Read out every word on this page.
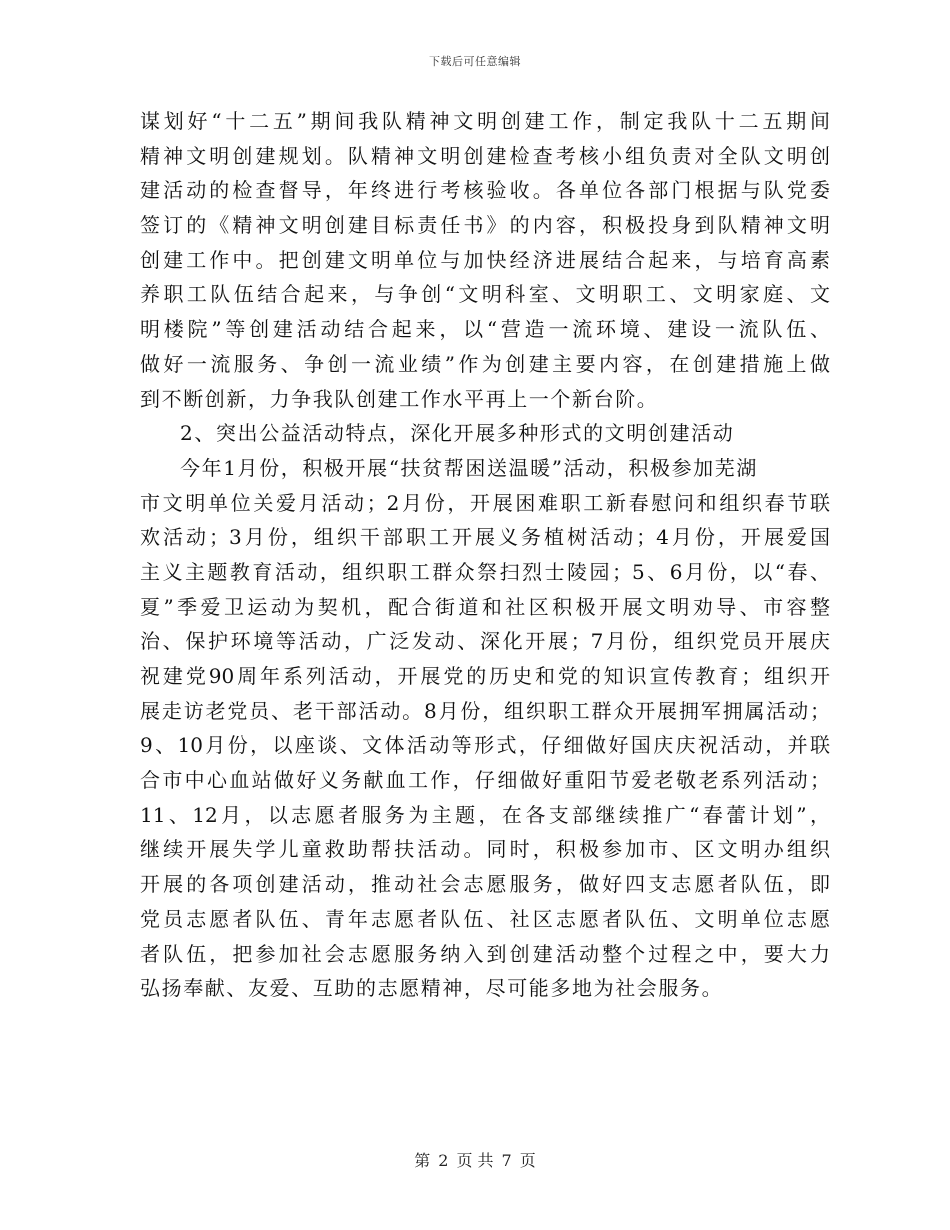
下载后可任意编辑
谋划好“十二五”期间我队精神文明创建工作，制定我队十二五期间
精神文明创建规划。队精神文明创建检查考核小组负责对全队文明创
建活动的检查督导，年终进行考核验收。各单位各部门根据与队党委
签订的《精神文明创建目标责任书》的内容，积极投身到队精神文明
创建工作中。把创建文明单位与加快经济进展结合起来，与培育高素
养职工队伍结合起来，与争创“文明科室、文明职工、文明家庭、文
明楼院”等创建活动结合起来，以“营造一流环境、建设一流队伍、
做好一流服务、争创一流业绩”作为创建主要内容，在创建措施上做
到不断创新，力争我队创建工作水平再上一个新台阶。
2、突出公益活动特点，深化开展多种形式的文明创建活动
今年1月份，积极开展“扶贫帮困送温暖”活动，积极参加芜湖
市文明单位关爱月活动；2月份，开展困难职工新春慰问和组织春节联
欢活动；3月份，组织干部职工开展义务植树活动；4月份，开展爱国
主义主题教育活动，组织职工群众祭扫烈士陵园；5、6月份，以“春、
夏”季爱卫运动为契机，配合街道和社区积极开展文明劝导、市容整
治、保护环境等活动，广泛发动、深化开展；7月份，组织党员开展庆
祝建党90周年系列活动，开展党的历史和党的知识宣传教育；组织开
展走访老党员、老干部活动。8月份，组织职工群众开展拥军拥属活动；
9、10月份，以座谈、文体活动等形式，仔细做好国庆庆祝活动，并联
合市中心血站做好义务献血工作，仔细做好重阳节爱老敬老系列活动；
11、12月，以志愿者服务为主题，在各支部继续推广“春蕾计划”，
继续开展失学儿童救助帮扶活动。同时，积极参加市、区文明办组织
开展的各项创建活动，推动社会志愿服务，做好四支志愿者队伍，即
党员志愿者队伍、青年志愿者队伍、社区志愿者队伍、文明单位志愿
者队伍，把参加社会志愿服务纳入到创建活动整个过程之中，要大力
弘扬奉献、友爱、互助的志愿精神，尽可能多地为社会服务。
第 2 页 共 7 页
